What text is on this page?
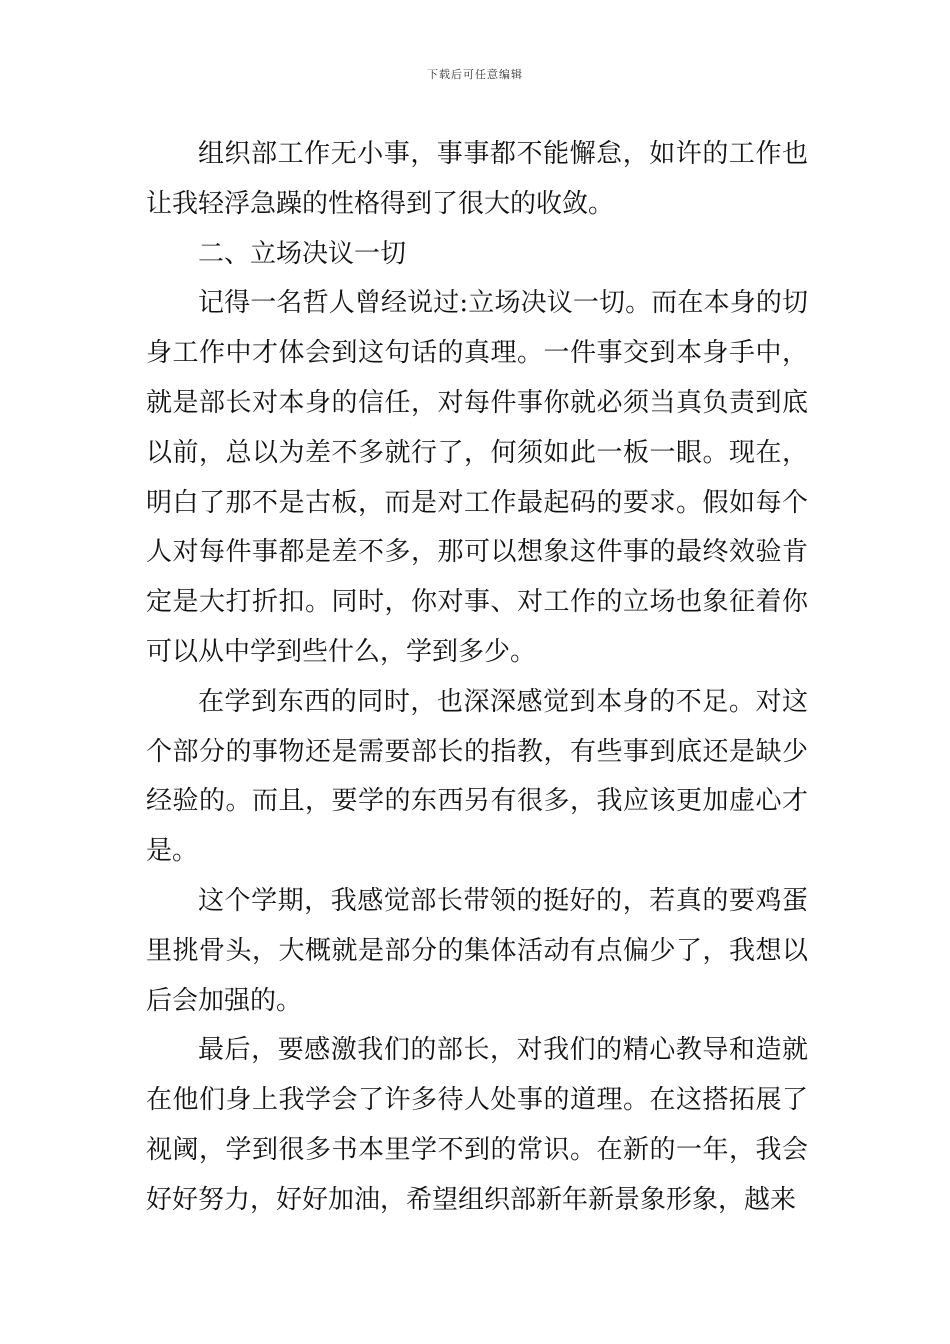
下载后可任意编辑

组织部工作无小事，事事都不能懈怠，如许的工作也让我轻浮急躁的性格得到了很大的收敛。

二、立场决议一切

记得一名哲人曾经说过:立场决议一切。而在本身的切身工作中才体会到这句话的真理。一件事交到本身手中，就是部长对本身的信任，对每件事你就必须当真负责到底以前，总以为差不多就行了，何须如此一板一眼。现在，明白了那不是古板，而是对工作最起码的要求。假如每个人对每件事都是差不多，那可以想象这件事的最终效验肯定是大打折扣。同时，你对事、对工作的立场也象征着你可以从中学到些什么，学到多少。

在学到东西的同时，也深深感觉到本身的不足。对这个部分的事物还是需要部长的指教，有些事到底还是缺少经验的。而且，要学的东西另有很多，我应该更加虚心才是。

这个学期，我感觉部长带领的挺好的，若真的要鸡蛋里挑骨头，大概就是部分的集体活动有点偏少了，我想以后会加强的。

最后，要感激我们的部长，对我们的精心教导和造就在他们身上我学会了许多待人处事的道理。在这搭拓展了视阈，学到很多书本里学不到的常识。在新的一年，我会好好努力，好好加油，希望组织部新年新景象形象，越来
